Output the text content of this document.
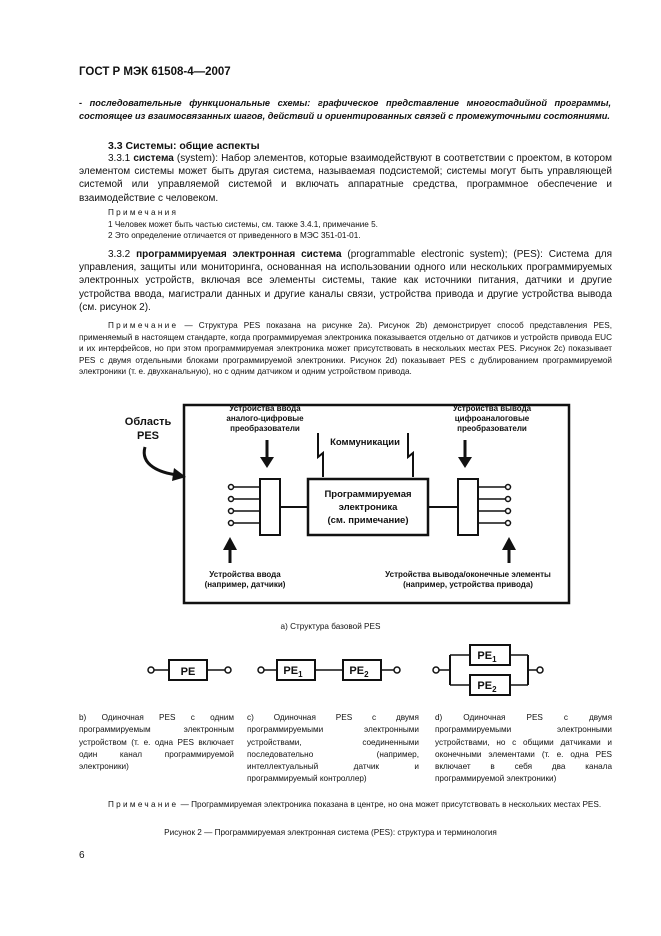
ГОСТ Р МЭК 61508-4—2007
- последовательные функциональные схемы: графическое представление многостадийной программы, состоящее из взаимосвязанных шагов, действий и ориентированных связей с промежуточными состояниями.
3.3 Системы: общие аспекты
3.3.1 система (system): Набор элементов, которые взаимодействуют в соответствии с проектом, в котором элементом системы может быть другая система, называемая подсистемой; системы могут быть управляющей системой или управляемой системой и включать аппаратные средства, программное обеспечение и взаимодействие с человеком.
Примечания
1 Человек может быть частью системы, см. также 3.4.1, примечание 5.
2 Это определение отличается от приведенного в МЭС 351-01-01.
3.3.2 программируемая электронная система (programmable electronic system); (PES): Система для управления, защиты или мониторинга, основанная на использовании одного или нескольких программируемых электронных устройств, включая все элементы системы, такие как источники питания, датчики и другие устройства ввода, магистрали данных и другие каналы связи, устройства привода и другие устройства вывода (см. рисунок 2).
Примечание — Структура PES показана на рисунке 2а). Рисунок 2b) демонстрирует способ представления PES, применяемый в настоящем стандарте, когда программируемая электроника показывается отдельно от датчиков и устройств привода EUC и их интерфейсов, но при этом программируемая электроника может присутствовать в нескольких местах PES. Рисунок 2c) показывает PES с двумя отдельными блоками программируемой электроники. Рисунок 2d) показывает PES с дублированием программируемой электроники (т. е. двухканальную), но с одним датчиком и одним устройством привода.
Область
PES
Устройства ввода
аналого-цифровые
преобразователи
Устройства вывода
цифроаналоговые
преобразователи
Коммуникации
Программируемая
электроника
(см. примечание)
Устройства ввода
(например, датчики)
Устройства вывода/оконечные элементы
(например, устройства привода)
а) Структура базовой PES
PE	$PE_1$	$PE_2$
$PE_1$
$PE_2$
b) Одиночная PES с одним программируемым электронным устройством (т. е. одна PES включает один канал программируемой электроники)
c) Одиночная PES с двумя программируемыми электронными устройствами, соединенными последовательно (например, интеллектуальный датчик и программируемый контроллер)
d) Одиночная PES с двумя программируемыми электронными устройствами, но с общими датчиками и оконечными элементами (т. е. одна PES включает в себя два канала программируемой электроники)
Примечание — Программируемая электроника показана в центре, но она может присутствовать в нескольких местах PES.
Рисунок 2 — Программируемая электронная система (PES): структура и терминология
6
